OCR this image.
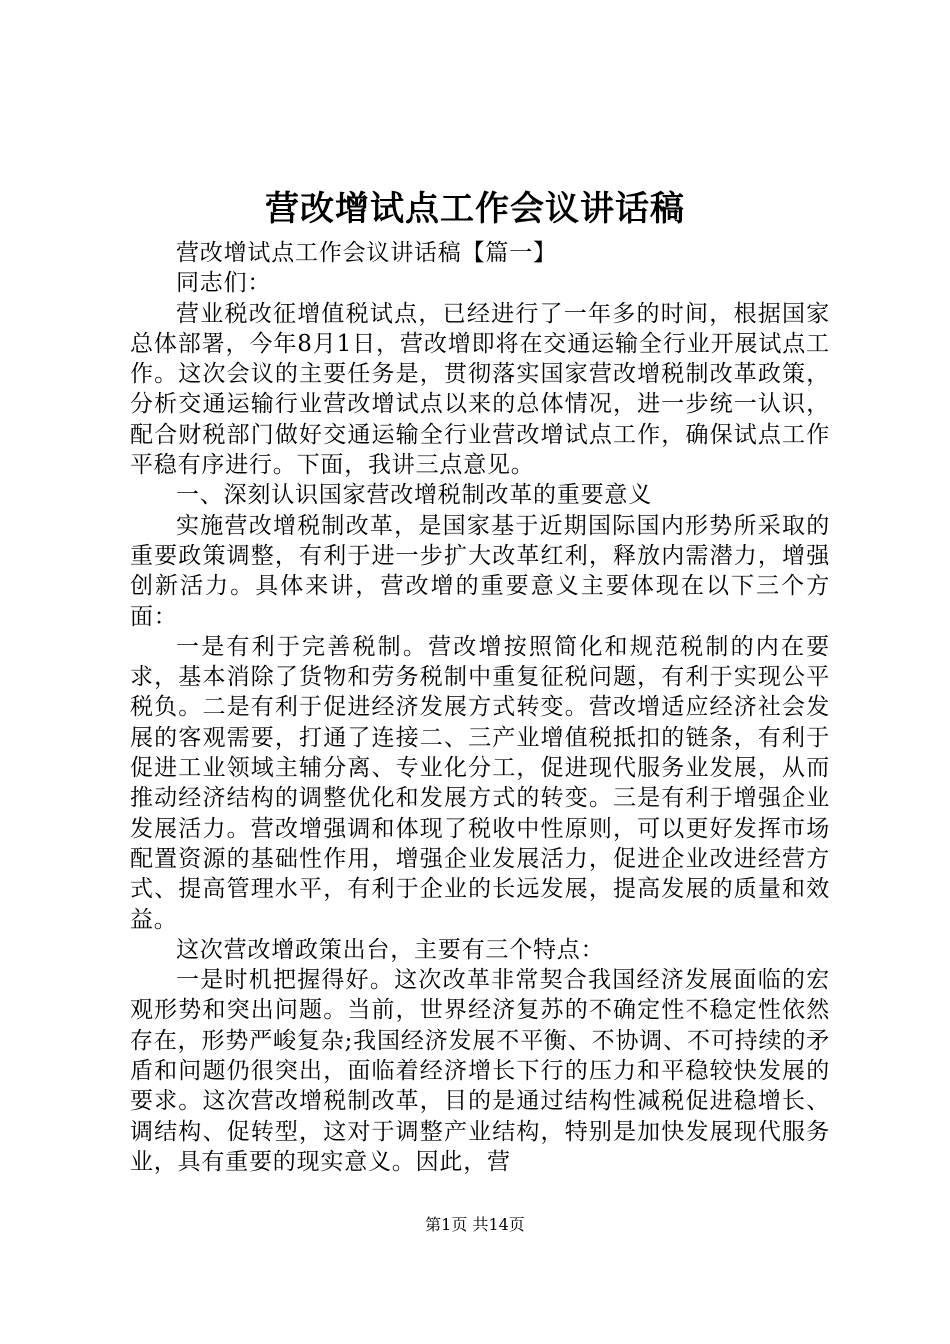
营改增试点工作会议讲话稿

营改增试点工作会议讲话稿【篇一】

同志们：

营业税改征增值税试点，已经进行了一年多的时间，根据国家总体部署，今年8月1日，营改增即将在交通运输全行业开展试点工作。这次会议的主要任务是，贯彻落实国家营改增税制改革政策，分析交通运输行业营改增试点以来的总体情况，进一步统一认识，配合财税部门做好交通运输全行业营改增试点工作，确保试点工作平稳有序进行。下面，我讲三点意见。

一、深刻认识国家营改增税制改革的重要意义

实施营改增税制改革，是国家基于近期国际国内形势所采取的重要政策调整，有利于进一步扩大改革红利，释放内需潜力，增强创新活力。具体来讲，营改增的重要意义主要体现在以下三个方面：

一是有利于完善税制。营改增按照简化和规范税制的内在要求，基本消除了货物和劳务税制中重复征税问题，有利于实现公平税负。二是有利于促进经济发展方式转变。营改增适应经济社会发展的客观需要，打通了连接二、三产业增值税抵扣的链条，有利于促进工业领域主辅分离、专业化分工，促进现代服务业发展，从而推动经济结构的调整优化和发展方式的转变。三是有利于增强企业发展活力。营改增强调和体现了税收中性原则，可以更好发挥市场配置资源的基础性作用，增强企业发展活力，促进企业改进经营方式、提高管理水平，有利于企业的长远发展，提高发展的质量和效益。

这次营改增政策出台，主要有三个特点：

一是时机把握得好。这次改革非常契合我国经济发展面临的宏观形势和突出问题。当前，世界经济复苏的不确定性不稳定性依然存在，形势严峻复杂;我国经济发展不平衡、不协调、不可持续的矛盾和问题仍很突出，面临着经济增长下行的压力和平稳较快发展的要求。这次营改增税制改革，目的是通过结构性减税促进稳增长、调结构、促转型，这对于调整产业结构，特别是加快发展现代服务业，具有重要的现实意义。因此，营

第1页 共14页
